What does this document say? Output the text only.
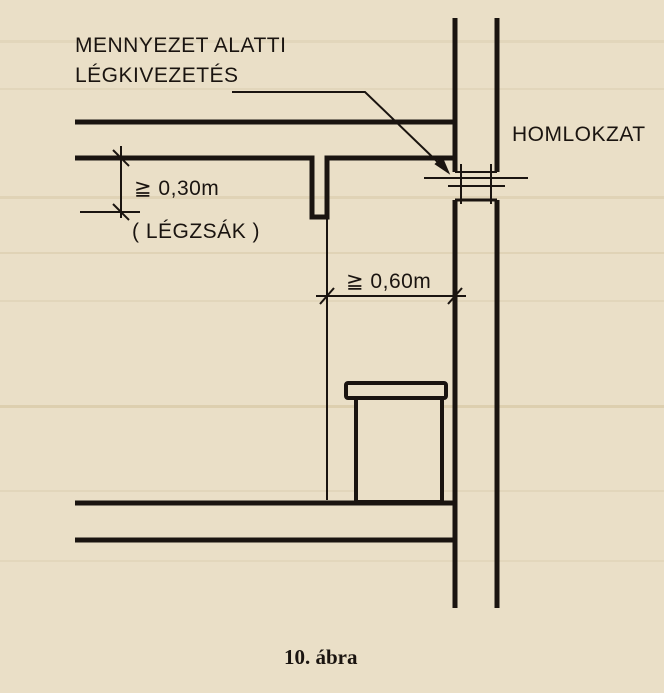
MENNYEZET ALATTI
LÉGKIVEZETÉS
HOMLOKZAT
≧ 0,30m
( LÉGZSÁK )
≧ 0,60m
10. ábra
